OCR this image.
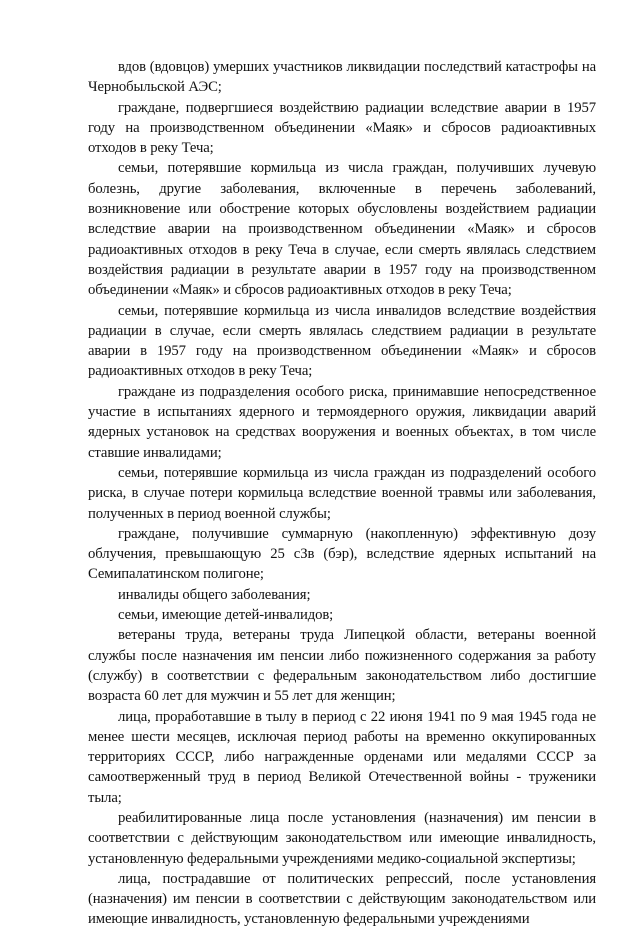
вдов (вдовцов) умерших участников ликвидации последствий катастрофы на Чернобыльской АЭС;

граждане, подвергшиеся воздействию радиации вследствие аварии в 1957 году на производственном объединении «Маяк» и сбросов радиоактивных отходов в реку Теча;

семьи, потерявшие кормильца из числа граждан, получивших лучевую болезнь, другие заболевания, включенные в перечень заболеваний, возникновение или обострение которых обусловлены воздействием радиации вследствие аварии на производственном объединении «Маяк» и сбросов радиоактивных отходов в реку Теча в случае, если смерть являлась следствием воздействия радиации в результате аварии в 1957 году на производственном объединении «Маяк» и сбросов радиоактивных отходов в реку Теча;

семьи, потерявшие кормильца из числа инвалидов вследствие воздействия радиации в случае, если смерть являлась следствием радиации в результате аварии в 1957 году на производственном объединении «Маяк» и сбросов радиоактивных отходов в реку Теча;

граждане из подразделения особого риска, принимавшие непосредственное участие в испытаниях ядерного и термоядерного оружия, ликвидации аварий ядерных установок на средствах вооружения и военных объектах, в том числе ставшие инвалидами;

семьи, потерявшие кормильца из числа граждан из подразделений особого риска, в случае потери кормильца вследствие военной травмы или заболевания, полученных в период военной службы;

граждане, получившие суммарную (накопленную) эффективную дозу облучения, превышающую 25 сЗв (бэр), вследствие ядерных испытаний на Семипалатинском полигоне;

инвалиды общего заболевания;

семьи, имеющие детей-инвалидов;

ветераны труда, ветераны труда Липецкой области, ветераны военной службы после назначения им пенсии либо пожизненного содержания за работу (службу) в соответствии с федеральным законодательством либо достигшие возраста 60 лет для мужчин и 55 лет для женщин;

лица, проработавшие в тылу в период с 22 июня 1941 по 9 мая 1945 года не менее шести месяцев, исключая период работы на временно оккупированных территориях СССР, либо награжденные орденами или медалями СССР за самоотверженный труд в период Великой Отечественной войны - труженики тыла;

реабилитированные лица после установления (назначения) им пенсии в соответствии с действующим законодательством или имеющие инвалидность, установленную федеральными учреждениями медико-социальной экспертизы;

лица, пострадавшие от политических репрессий, после установления (назначения) им пенсии в соответствии с действующим законодательством или имеющие инвалидность, установленную федеральными учреждениями
